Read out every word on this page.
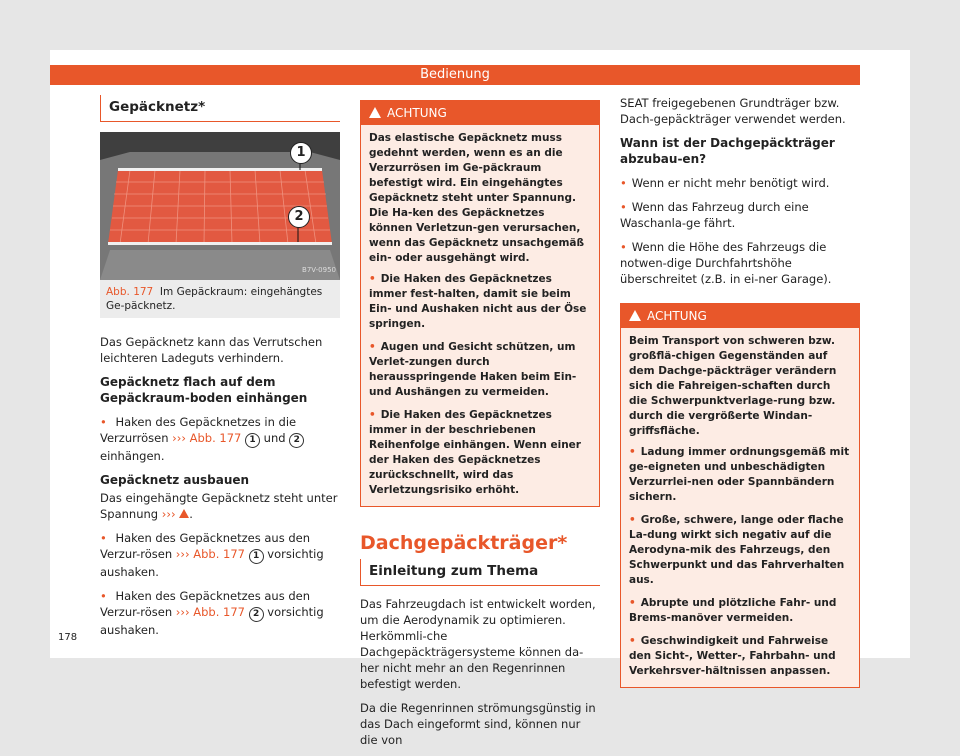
Bedienung
Gepäcknetz*
1
2
B7V-0950
Abb. 177 Im Gepäckraum: eingehängtes Ge-päcknetz.

Das Gepäcknetz kann das Verrutschen leichteren Ladeguts verhindern.

Gepäcknetz flach auf dem Gepäckraum-boden einhängen

• Haken des Gepäcknetzes in die Verzurrösen ››› Abb. 177 1 und 2 einhängen.

Gepäcknetz ausbauen

Das eingehängte Gepäcknetz steht unter Spannung ››› .

• Haken des Gepäcknetzes aus den Verzur-rösen ››› Abb. 177 1 vorsichtig aushaken.
• Haken des Gepäcknetzes aus den Verzur-rösen ››› Abb. 177 2 vorsichtig aushaken.
ACHTUNG

Das elastische Gepäcknetz muss gedehnt werden, wenn es an die Verzurrösen im Ge-päckraum befestigt wird. Ein eingehängtes Gepäcknetz steht unter Spannung. Die Ha-ken des Gepäcknetzes können Verletzun-gen verursachen, wenn das Gepäcknetz unsachgemäß ein- oder ausgehängt wird.

• Die Haken des Gepäcknetzes immer fest-halten, damit sie beim Ein- und Aushaken nicht aus der Öse springen.
• Augen und Gesicht schützen, um Verlet-zungen durch herausspringende Haken beim Ein- und Aushängen zu vermeiden.
• Die Haken des Gepäcknetzes immer in der beschriebenen Reihenfolge einhängen. Wenn einer der Haken des Gepäcknetzes zurückschnellt, wird das Verletzungsrisiko erhöht.
Dachgepäckträger*
Einleitung zum Thema

Das Fahrzeugdach ist entwickelt worden, um die Aerodynamik zu optimieren. Herkömmli-che Dachgepäckträgersysteme können da-her nicht mehr an den Regenrinnen befestigt werden.

Da die Regenrinnen strömungsgünstig in das Dach eingeformt sind, können nur die von

SEAT freigegebenen Grundträger bzw. Dach-gepäckträger verwendet werden.

Wann ist der Dachgepäckträger abzubau-en?

• Wenn er nicht mehr benötigt wird.
• Wenn das Fahrzeug durch eine Waschanla-ge fährt.
• Wenn die Höhe des Fahrzeugs die notwen-dige Durchfahrtshöhe überschreitet (z.B. in ei-ner Garage).
ACHTUNG

Beim Transport von schweren bzw. großflä-chigen Gegenständen auf dem Dachge-päckträger verändern sich die Fahreigen-schaften durch die Schwerpunktverlage-rung bzw. durch die vergrößerte Windan-griffsfläche.

• Ladung immer ordnungsgemäß mit ge-eigneten und unbeschädigten Verzurrlei-nen oder Spannbändern sichern.
• Große, schwere, lange oder flache La-dung wirkt sich negativ auf die Aerodyna-mik des Fahrzeugs, den Schwerpunkt und das Fahrverhalten aus.
• Abrupte und plötzliche Fahr- und Brems-manöver vermeiden.
• Geschwindigkeit und Fahrweise den Sicht-, Wetter-, Fahrbahn- und Verkehrsver-hältnissen anpassen.
178
